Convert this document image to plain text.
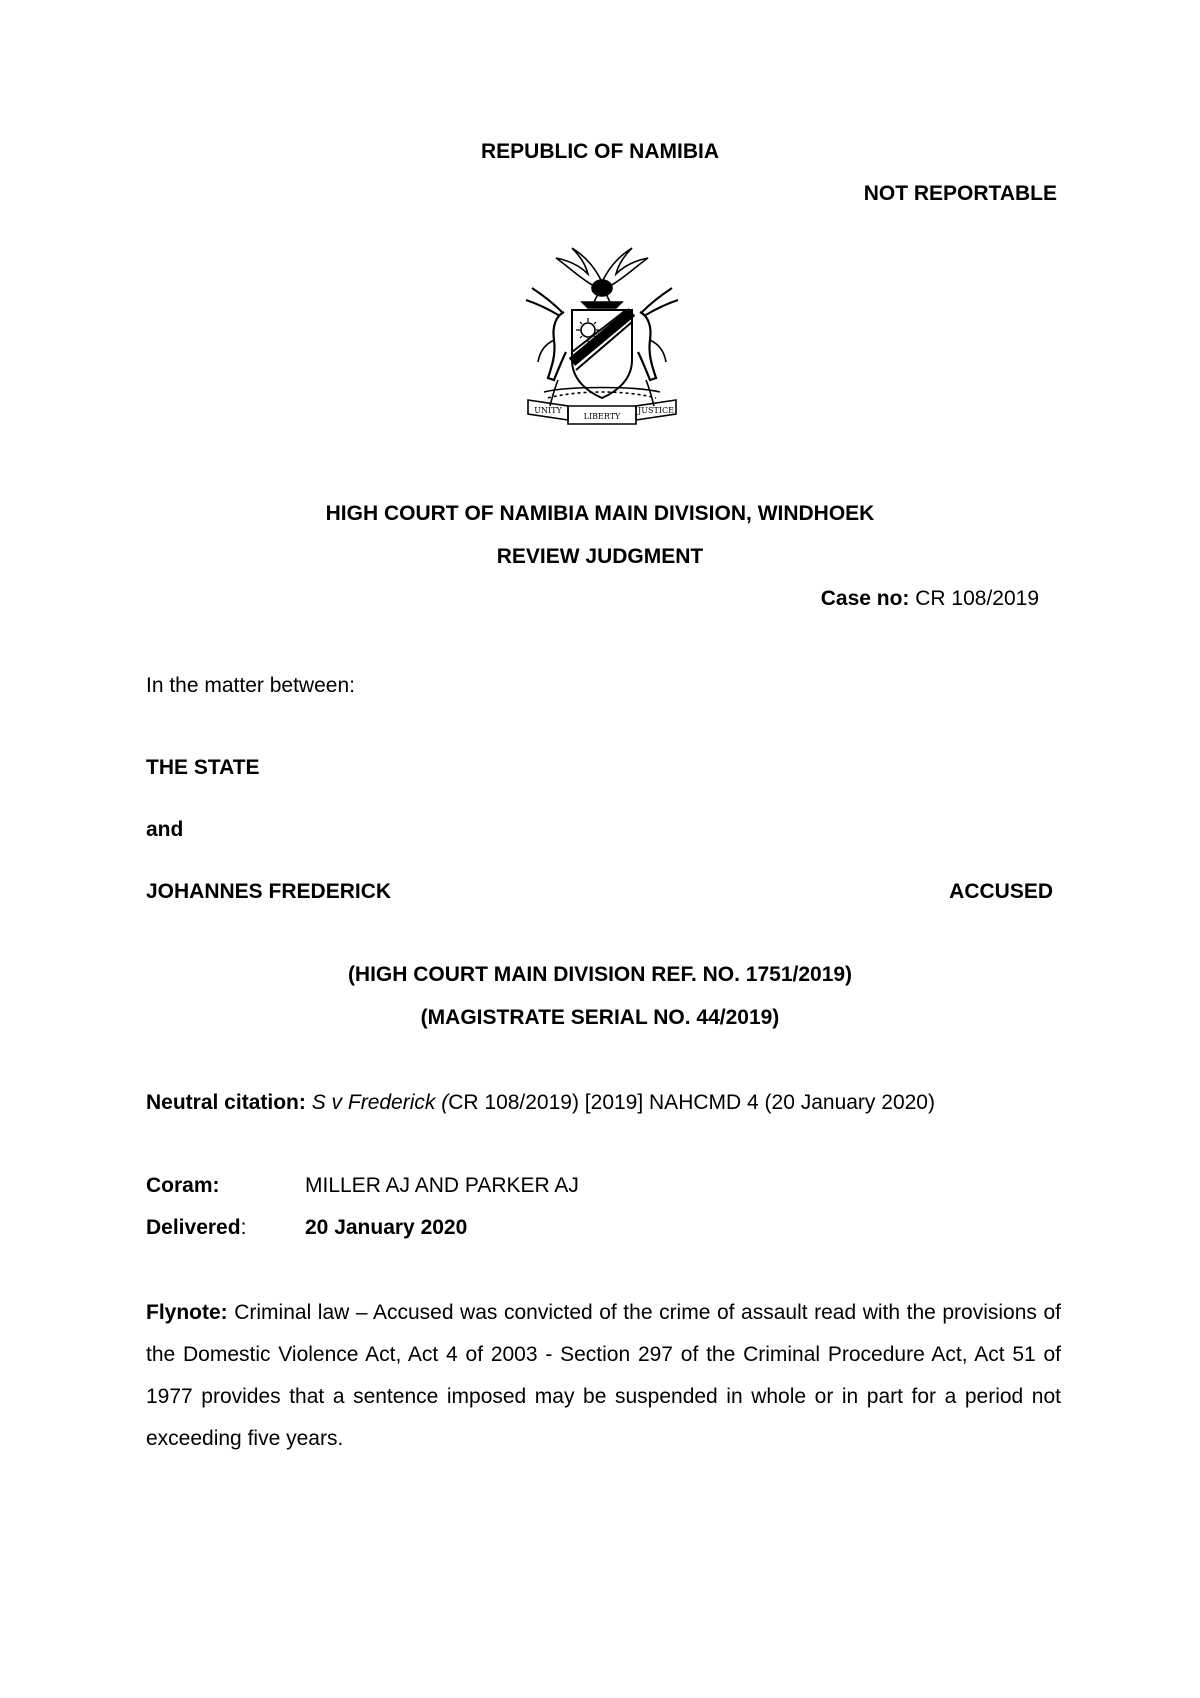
REPUBLIC OF NAMIBIA
NOT REPORTABLE
UNITY
LIBERTY
JUSTICE
HIGH COURT OF NAMIBIA MAIN DIVISION, WINDHOEK
REVIEW JUDGMENT
Case no: CR 108/2019
In the matter between:
THE STATE
and
JOHANNES FREDERICK	ACCUSED
(HIGH COURT MAIN DIVISION REF. NO. 1751/2019)
(MAGISTRATE SERIAL NO. 44/2019)
Neutral citation: S v Frederick (CR 108/2019) [2019] NAHCMD 4 (20 January 2020)
Coram:	MILLER AJ AND PARKER AJ
Delivered:	20 January 2020
Flynote: Criminal law – Accused was convicted of the crime of assault read with the provisions of the Domestic Violence Act, Act 4 of 2003 - Section 297 of the Criminal Procedure Act, Act 51 of 1977 provides that a sentence imposed may be suspended in whole or in part for a period not exceeding five years.
